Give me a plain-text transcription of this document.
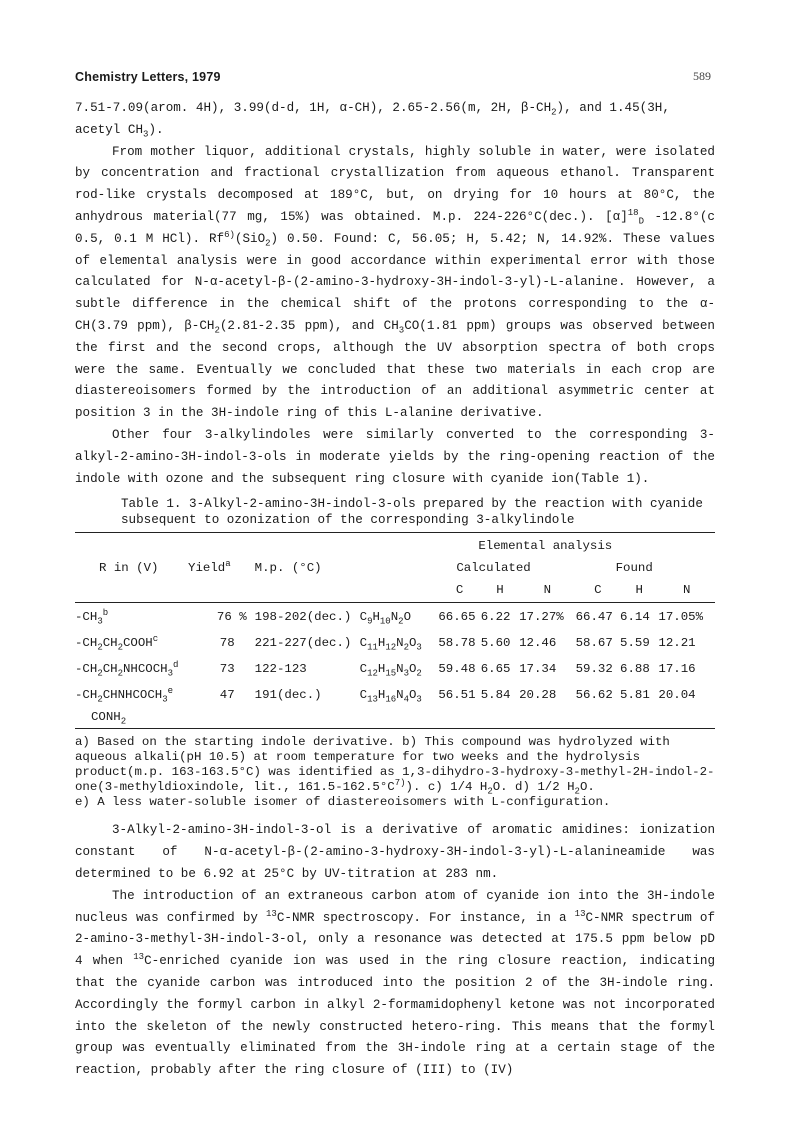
Chemistry Letters, 1979	589

7.51-7.09(arom. 4H), 3.99(d-d, 1H, α-CH), 2.65-2.56(m, 2H, $\beta-CH_2$), and 1.45(3H,
acetyl $CH_3$).

From mother liquor, additional crystals, highly soluble in water, were isolated by concentration and fractional crystallization from aqueous ethanol. Transparent rod-like crystals decomposed at 189°C, but, on drying for 10 hours at 80°C, the anhydrous material(77 mg, 15%) was obtained. M.p. 224-226°C(dec.). $[\alpha]^{18}_D$ -12.8°(c 0.5, 0.1 M HCl). $Rf^{6)}(SiO_2)$ 0.50. Found: C, 56.05; H, 5.42; N, 14.92%. These values of elemental analysis were in good accordance within experimental error with those calculated for N-α-acetyl-β-(2-amino-3-hydroxy-3H-indol-3-yl)-L-alanine. However, a subtle difference in the chemical shift of the protons corresponding to the α-CH(3.79 ppm), $\beta-CH_2(2.81-2.35$ ppm), and $CH_3CO(1.81$ ppm) groups was observed between the first and the second crops, although the UV absorption spectra of both crops were the same. Eventually we concluded that these two materials in each crop are diastereoisomers formed by the introduction of an additional asymmetric center at position 3 in the 3H-indole ring of this L-alanine derivative.

Other four 3-alkylindoles were similarly converted to the corresponding 3-alkyl-2-amino-3H-indol-3-ols in moderate yields by the ring-opening reaction of the indole with ozone and the subsequent ring closure with cyanide ion(Table 1).

Table 1. 3-Alkyl-2-amino-3H-indol-3-ols prepared by the reaction with cyanide subsequent to ozonization of the corresponding 3-alkylindole

				Elemental analysis					
R in (V)	Yield$^a$	M.p. (°C)		Calculated			Found		
				C	H	N	C	H	N

$-CH_3^b$	76 %	198-202(dec.)	$C_9H_{10}N_2O$	66.65	6.22	17.27%	66.47	6.14	17.05%
$-CH_2CH_2COOH^c$	78	221-227(dec.)	$C_{11}H_{12}N_2O_3$	58.78	5.60	12.46	58.67	5.59	12.21
$-CH_2CH_2NHCOCH_3^d$	73	122-123	$C_{12}H_{15}N_3O_2$	59.48	6.65	17.34	59.32	6.88	17.16
$-CH_2CHNHCOCH_3^e$
$CONH_2$	47	191(dec.)	$C_{13}H_{16}N_4O_3$	56.51	5.84	20.28	56.62	5.81	20.04

a) Based on the starting indole derivative. b) This compound was hydrolyzed with aqueous alkali(pH 10.5) at room temperature for two weeks and the hydrolysis product(m.p. 163-163.5°C) was identified as 1,3-dihydro-3-hydroxy-3-methyl-2H-indol-2-one(3-methyldioxindole, lit., $161.5-162.5^\circ C^{7)}$). c) 1/4 $H_2O$. d) 1/2 $H_2O$.
e) A less water-soluble isomer of diastereoisomers with L-configuration.

3-Alkyl-2-amino-3H-indol-3-ol is a derivative of aromatic amidines: ionization constant of N-α-acetyl-β-(2-amino-3-hydroxy-3H-indol-3-yl)-L-alanineamide was determined to be 6.92 at 25°C by UV-titration at 283 nm.

The introduction of an extraneous carbon atom of cyanide ion into the 3H-indole nucleus was confirmed by $^{13}$C-NMR spectroscopy. For instance, in a $^{13}$C-NMR spectrum of 2-amino-3-methyl-3H-indol-3-ol, only a resonance was detected at 175.5 ppm below pD 4 when $^{13}$C-enriched cyanide ion was used in the ring closure reaction, indicating that the cyanide carbon was introduced into the position 2 of the 3H-indole ring. Accordingly the formyl carbon in alkyl 2-formamidophenyl ketone was not incorporated into the skeleton of the newly constructed hetero-ring. This means that the formyl group was eventually eliminated from the 3H-indole ring at a certain stage of the reaction, probably after the ring closure of (III) to (IV)
